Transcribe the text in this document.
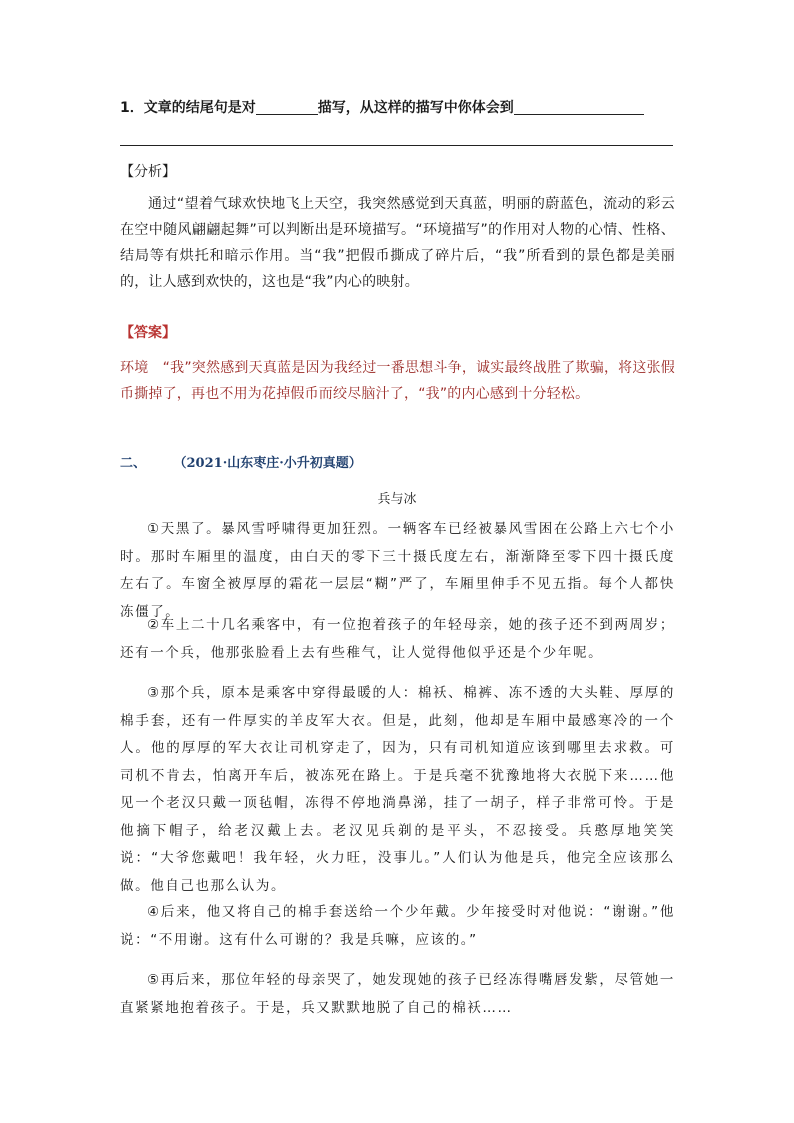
1．文章的结尾句是对	描写，从这样的描写中你体会到
【分析】
通过“望着气球欢快地飞上天空，我突然感觉到天真蓝，明丽的蔚蓝色，流动的彩云在空中随风翩翩起舞”可以判断出是环境描写。“环境描写”的作用对人物的心情、性格、结局等有烘托和暗示作用。当“我”把假币撕成了碎片后，“我”所看到的景色都是美丽的，让人感到欢快的，这也是“我”内心的映射。
【答案】
环境　“我”突然感到天真蓝是因为我经过一番思想斗争，诚实最终战胜了欺骗，将这张假币撕掉了，再也不用为花掉假币而绞尽脑汁了，“我”的内心感到十分轻松。
二、	（2021·山东枣庄·小升初真题）
兵与冰
①天黑了。暴风雪呼啸得更加狂烈。一辆客车已经被暴风雪困在公路上六七个小时。那时车厢里的温度，由白天的零下三十摄氏度左右，渐渐降至零下四十摄氏度左右了。车窗全被厚厚的霜花一层层“糊”严了，车厢里伸手不见五指。每个人都快冻僵了。
②车上二十几名乘客中，有一位抱着孩子的年轻母亲，她的孩子还不到两周岁；还有一个兵，他那张脸看上去有些稚气，让人觉得他似乎还是个少年呢。
③那个兵，原本是乘客中穿得最暖的人：棉袄、棉裤、冻不透的大头鞋、厚厚的棉手套，还有一件厚实的羊皮军大衣。但是，此刻，他却是车厢中最感寒冷的一个人。他的厚厚的军大衣让司机穿走了，因为，只有司机知道应该到哪里去求救。可司机不肯去，怕离开车后，被冻死在路上。于是兵毫不犹豫地将大衣脱下来……他见一个老汉只戴一顶毡帽，冻得不停地淌鼻涕，挂了一胡子，样子非常可怜。于是他摘下帽子，给老汉戴上去。老汉见兵剃的是平头，不忍接受。兵憨厚地笑笑说：“大爷您戴吧！我年轻，火力旺，没事儿。”人们认为他是兵，他完全应该那么做。他自己也那么认为。
④后来，他又将自己的棉手套送给一个少年戴。少年接受时对他说：“谢谢。”他说：“不用谢。这有什么可谢的？我是兵嘛，应该的。”
⑤再后来，那位年轻的母亲哭了，她发现她的孩子已经冻得嘴唇发紫，尽管她一直紧紧地抱着孩子。于是，兵又默默地脱了自己的棉袄……
